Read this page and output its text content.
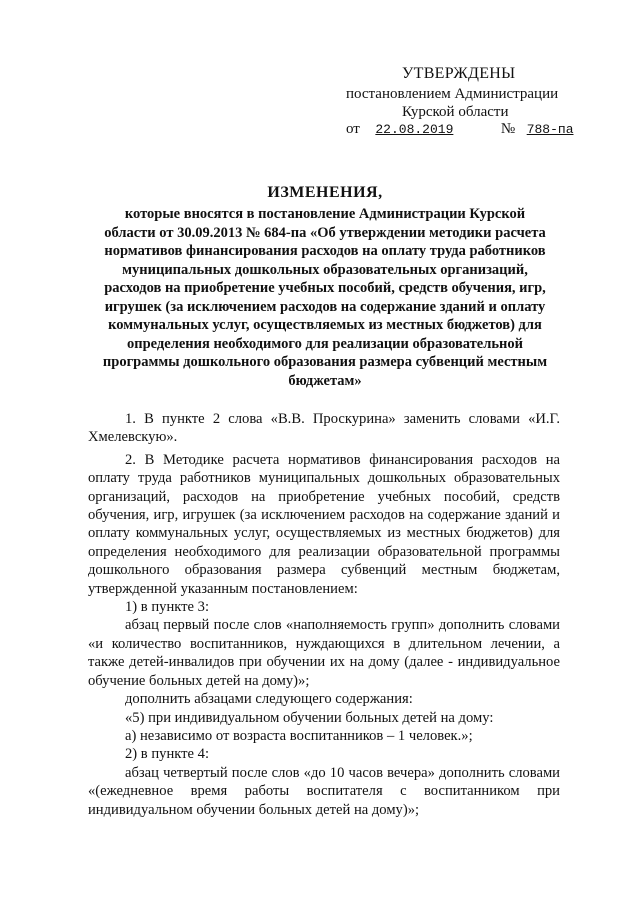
УТВЕРЖДЕНЫ
постановлением Администрации
Курской области
от 22.08.2019	№ 788-па
ИЗМЕНЕНИЯ,
которые вносятся в постановление Администрации Курской области от 30.09.2013 № 684-па «Об утверждении методики расчета нормативов финансирования расходов на оплату труда работников муниципальных дошкольных образовательных организаций, расходов на приобретение учебных пособий, средств обучения, игр, игрушек (за исключением расходов на содержание зданий и оплату коммунальных услуг, осуществляемых из местных бюджетов) для определения необходимого для реализации образовательной программы дошкольного образования размера субвенций местным бюджетам»

1. В пункте 2 слова «В.В. Проскурина» заменить словами «И.Г. Хмелевскую».

2. В Методике расчета нормативов финансирования расходов на оплату труда работников муниципальных дошкольных образовательных организаций, расходов на приобретение учебных пособий, средств обучения, игр, игрушек (за исключением расходов на содержание зданий и оплату коммунальных услуг, осуществляемых из местных бюджетов) для определения необходимого для реализации образовательной программы дошкольного образования размера субвенций местным бюджетам, утвержденной указанным постановлением:

1) в пункте 3:

абзац первый после слов «наполняемость групп» дополнить словами «и количество воспитанников, нуждающихся в длительном лечении, а также детей-инвалидов при обучении их на дому (далее - индивидуальное обучение больных детей на дому)»;

дополнить абзацами следующего содержания:

«5) при индивидуальном обучении больных детей на дому:

а) независимо от возраста воспитанников – 1 человек.»;

2) в пункте 4:

абзац четвертый после слов «до 10 часов вечера» дополнить словами «(ежедневное время работы воспитателя с воспитанником при индивидуальном обучении больных детей на дому)»;
